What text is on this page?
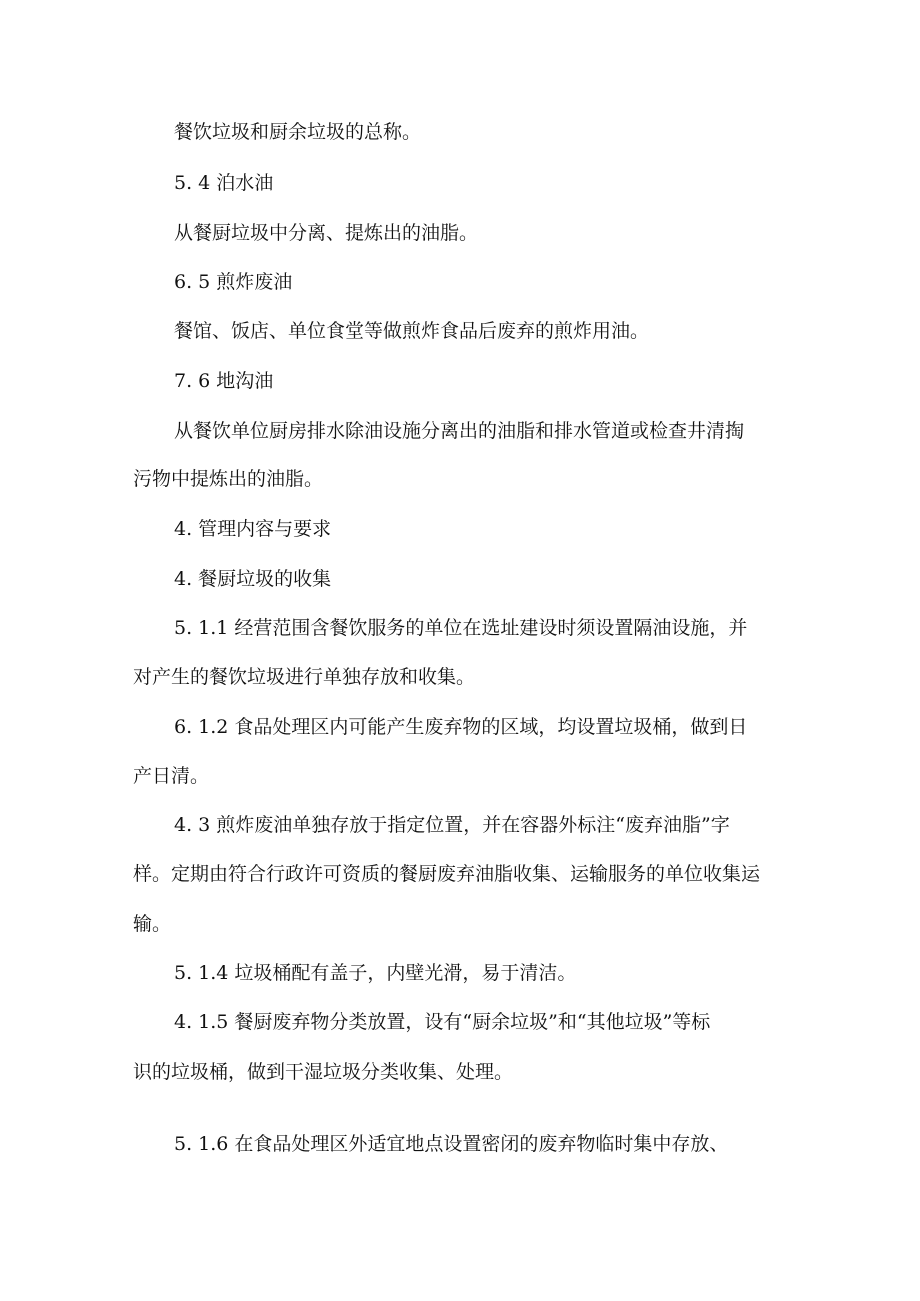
餐饮垃圾和厨余垃圾的总称。

5. 4 泊水油

从餐厨垃圾中分离、提炼出的油脂。

6. 5 煎炸废油

餐馆、饭店、单位食堂等做煎炸食品后废弃的煎炸用油。

7. 6 地沟油

从餐饮单位厨房排水除油设施分离出的油脂和排水管道或检查井清掏

污物中提炼出的油脂。

4. 管理内容与要求

4. 餐厨垃圾的收集

5. 1.1 经营范围含餐饮服务的单位在选址建设时须设置隔油设施，并

对产生的餐饮垃圾进行单独存放和收集。

6. 1.2 食品处理区内可能产生废弃物的区域，均设置垃圾桶，做到日

产日清。

4. 3 煎炸废油单独存放于指定位置，并在容器外标注“废弃油脂”字

样。定期由符合行政许可资质的餐厨废弃油脂收集、运输服务的单位收集运

输。

5. 1.4 垃圾桶配有盖子，内壁光滑，易于清洁。

4. 1.5 餐厨废弃物分类放置，设有“厨余垃圾”和“其他垃圾”等标

识的垃圾桶，做到干湿垃圾分类收集、处理。

5. 1.6 在食品处理区外适宜地点设置密闭的废弃物临时集中存放、
